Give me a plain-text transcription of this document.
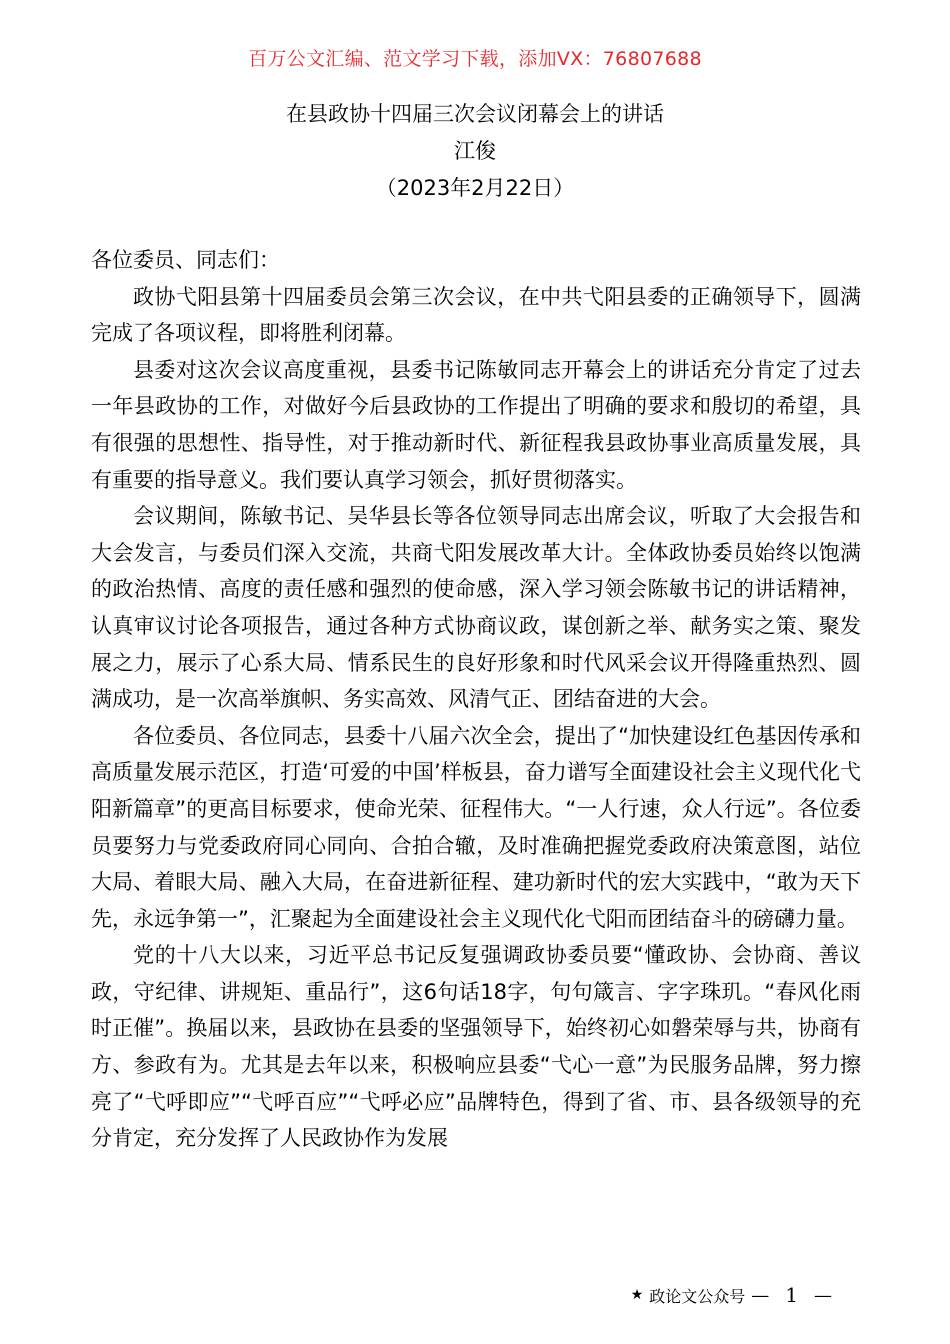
百万公文汇编、范文学习下载，添加VX：76807688
在县政协十四届三次会议闭幕会上的讲话
江俊
（2023年2月22日）

各位委员、同志们：

政协弋阳县第十四届委员会第三次会议，在中共弋阳县委的正确领导下，圆满完成了各项议程，即将胜利闭幕。

县委对这次会议高度重视，县委书记陈敏同志开幕会上的讲话充分肯定了过去一年县政协的工作，对做好今后县政协的工作提出了明确的要求和殷切的希望，具有很强的思想性、指导性，对于推动新时代、新征程我县政协事业高质量发展，具有重要的指导意义。我们要认真学习领会，抓好贯彻落实。

会议期间，陈敏书记、吴华县长等各位领导同志出席会议，听取了大会报告和大会发言，与委员们深入交流，共商弋阳发展改革大计。全体政协委员始终以饱满的政治热情、高度的责任感和强烈的使命感，深入学习领会陈敏书记的讲话精神，认真审议讨论各项报告，通过各种方式协商议政，谋创新之举、献务实之策、聚发展之力，展示了心系大局、情系民生的良好形象和时代风采会议开得隆重热烈、圆满成功，是一次高举旗帜、务实高效、风清气正、团结奋进的大会。

各位委员、各位同志，县委十八届六次全会，提出了“加快建设红色基因传承和高质量发展示范区，打造‘可爱的中国’样板县，奋力谱写全面建设社会主义现代化弋阳新篇章”的更高目标要求，使命光荣、征程伟大。“一人行速，众人行远”。各位委员要努力与党委政府同心同向、合拍合辙，及时准确把握党委政府决策意图，站位大局、着眼大局、融入大局，在奋进新征程、建功新时代的宏大实践中，“敢为天下先，永远争第一”，汇聚起为全面建设社会主义现代化弋阳而团结奋斗的磅礴力量。

党的十八大以来，习近平总书记反复强调政协委员要“懂政协、会协商、善议政，守纪律、讲规矩、重品行”，这6句话18字，句句箴言、字字珠玑。“春风化雨时正催”。换届以来，县政协在县委的坚强领导下，始终初心如磐荣辱与共，协商有方、参政有为。尤其是去年以来，积极响应县委“弋心一意”为民服务品牌，努力擦亮了“弋呼即应”“弋呼百应”“弋呼必应”品牌特色，得到了省、市、县各级领导的充分肯定，充分发挥了人民政协作为发展

★ 政论文公众号 — 1 —
